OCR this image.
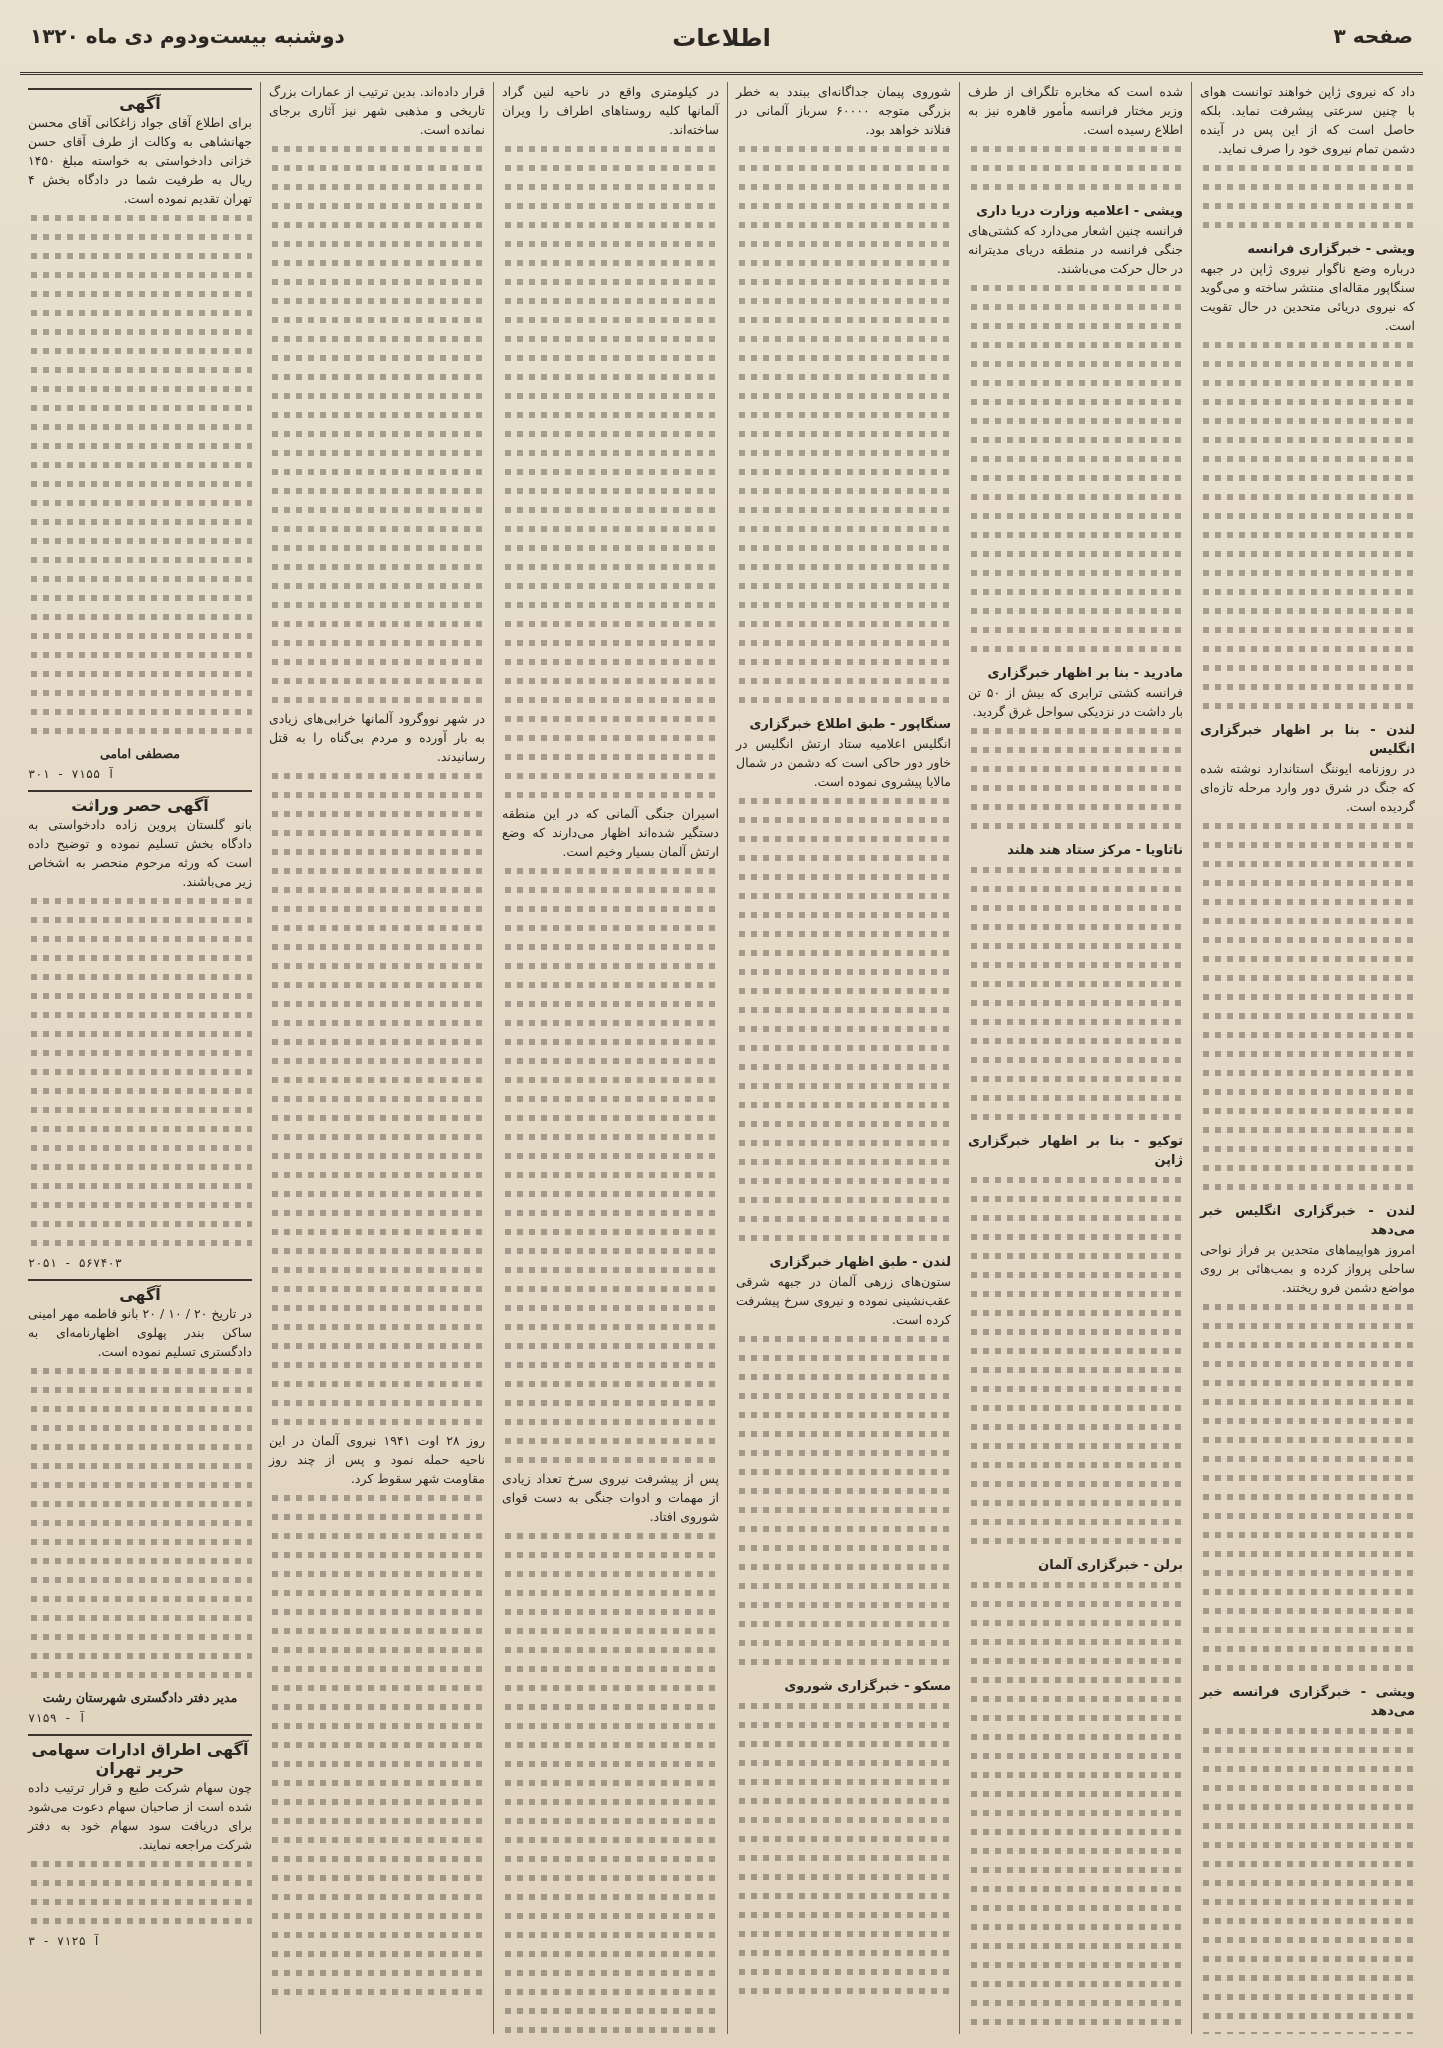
صفحه ۳
اطلاعات
دوشنبه بیست‌ودوم دی ماه ۱۳۲۰
داد که نیروی ژاپن خواهند توانست هوای با چنین سرعتی پیشرفت نماید. بلکه حاصل است که از این پس در آینده دشمن تمام نیروی خود را صرف نماید.
ویشی - خبرگزاری فرانسه
درباره وضع ناگوار نیروی ژاپن در جبهه سنگاپور مقاله‌ای منتشر ساخته و می‌گوید که نیروی دریائی متحدین در حال تقویت است.
لندن - بنا بر اظهار خبرگزاری انگلیس
در روزنامه ایوننگ استاندارد نوشته شده که جنگ در شرق دور وارد مرحله تازه‌ای گردیده است.
لندن - خبرگزاری انگلیس خبر می‌دهد
امروز هواپیماهای متحدین بر فراز نواحی ساحلی پرواز کرده و بمب‌هائی بر روی مواضع دشمن فرو ریختند.
ویشی - خبرگزاری فرانسه خبر می‌دهد
شده است که مخابره تلگراف از طرف وزیر مختار فرانسه مأمور قاهره نیز به اطلاع رسیده است.
ویشی - اعلامیه وزارت دریا داری
فرانسه چنین اشعار می‌دارد که کشتی‌های جنگی فرانسه در منطقه دریای مدیترانه در حال حرکت می‌باشند.
مادرید - بنا بر اظهار خبرگزاری
فرانسه کشتی ترابری که بیش از ۵۰ تن بار داشت در نزدیکی سواحل غرق گردید.
ناتاویا - مرکز ستاد هند هلند
توکیو - بنا بر اظهار خبرگزاری ژاپن
برلن - خبرگزاری آلمان
شوروی پیمان جداگانه‌ای ببندد به خطر بزرگی متوجه ۶۰۰۰۰ سرباز آلمانی در فنلاند خواهد بود.
سنگاپور - طبق اطلاع خبرگزاری
انگلیس اعلامیه ستاد ارتش انگلیس در خاور دور حاکی است که دشمن در شمال مالایا پیشروی نموده است.
لندن - طبق اظهار خبرگزاری
ستون‌های زرهی آلمان در جبهه شرقی عقب‌نشینی نموده و نیروی سرخ پیشرفت کرده است.
مسکو - خبرگزاری شوروی
در کیلومتری واقع در ناحیه لنین گراد آلمانها کلیه روستاهای اطراف را ویران ساخته‌اند.
اسیران جنگی آلمانی که در این منطقه دستگیر شده‌اند اظهار می‌دارند که وضع ارتش آلمان بسیار وخیم است.
پس از پیشرفت نیروی سرخ تعداد زیادی از مهمات و ادوات جنگی به دست قوای شوروی افتاد.
قرار داده‌اند. بدین ترتیب از عمارات بزرگ تاریخی و مذهبی شهر نیز آثاری برجای نمانده است.
در شهر نووگرود آلمانها خرابی‌های زیادی به بار آورده و مردم بی‌گناه را به قتل رسانیدند.
روز ۲۸ اوت ۱۹۴۱ نیروی آلمان در این ناحیه حمله نمود و پس از چند روز مقاومت شهر سقوط کرد.
آگهی
برای اطلاع آقای جواد زاغکانی آقای محسن جهانشاهی به وکالت از طرف آقای حسن خزانی دادخواستی به خواسته مبلغ ۱۴۵۰ ریال به طرفیت شما در دادگاه بخش ۴ تهران تقدیم نموده است.
مصطفی امامی
آ ۷۱۵۵ - ۳۰۱
آگهی حصر وراثت
بانو گلستان پروین زاده دادخواستی به دادگاه بخش تسلیم نموده و توضیح داده است که ورثه مرحوم منحصر به اشخاص زیر می‌باشند.
۵۶۷۴۰۳ - ۲۰۵۱
آگهی
در تاریخ ۲۰ / ۱۰ / ۲۰ بانو فاطمه مهر امینی ساکن بندر پهلوی اظهارنامه‌ای به دادگستری تسلیم نموده است.
مدیر دفتر دادگستری شهرستان رشت
آ - ۷۱۵۹
آگهی اطراق ادارات سهامی حریر تهران
چون سهام شرکت طبع و قرار ترتیب داده شده است از صاحبان سهام دعوت می‌شود برای دریافت سود سهام خود به دفتر شرکت مراجعه نمایند.
آ ۷۱۲۵ - ۳
